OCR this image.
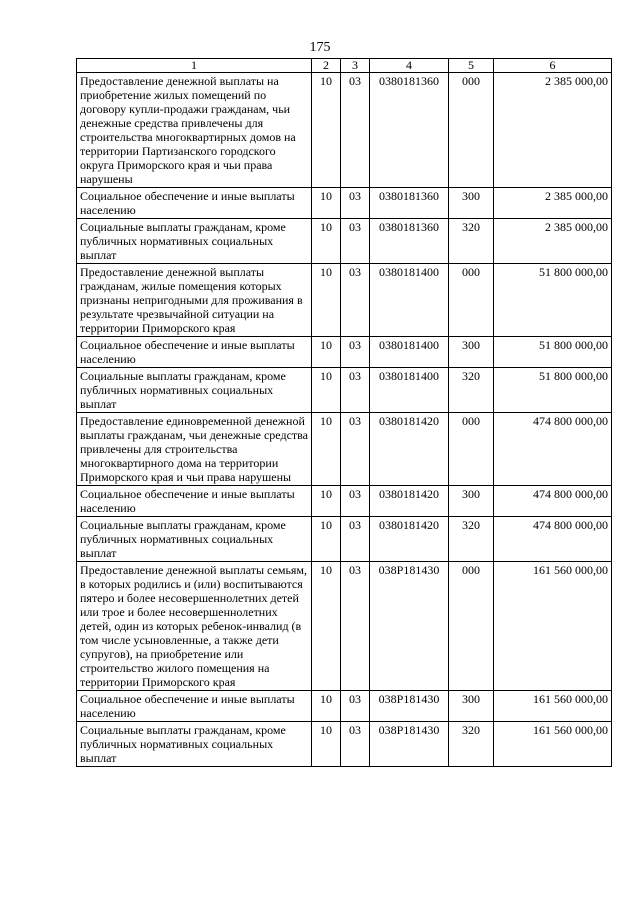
175
1	2	3	4	5	6
Предоставление денежной выплаты на приобретение жилых помещений по договору купли-продажи гражданам, чьи денежные средства привлечены для строительства многоквартирных домов на территории Партизанского городского округа Приморского края и чьи права нарушены	10	03	0380181360	000	2 385 000,00
Социальное обеспечение и иные выплаты населению	10	03	0380181360	300	2 385 000,00
Социальные выплаты гражданам, кроме публичных нормативных социальных выплат	10	03	0380181360	320	2 385 000,00
Предоставление денежной выплаты гражданам, жилые помещения которых признаны непригодными для проживания в результате чрезвычайной ситуации на территории Приморского края	10	03	0380181400	000	51 800 000,00
Социальное обеспечение и иные выплаты населению	10	03	0380181400	300	51 800 000,00
Социальные выплаты гражданам, кроме публичных нормативных социальных выплат	10	03	0380181400	320	51 800 000,00
Предоставление единовременной денежной выплаты гражданам, чьи денежные средства привлечены для строительства многоквартирного дома на территории Приморского края и чьи права нарушены	10	03	0380181420	000	474 800 000,00
Социальное обеспечение и иные выплаты населению	10	03	0380181420	300	474 800 000,00
Социальные выплаты гражданам, кроме публичных нормативных социальных выплат	10	03	0380181420	320	474 800 000,00
Предоставление денежной выплаты семьям, в которых родились и (или) воспитываются пятеро и более несовершеннолетних детей или трое и более несовершеннолетних детей, один из которых ребенок-инвалид (в том числе усыновленные, а также дети супругов), на приобретение или строительство жилого помещения на территории Приморского края	10	03	038P181430	000	161 560 000,00
Социальное обеспечение и иные выплаты населению	10	03	038P181430	300	161 560 000,00
Социальные выплаты гражданам, кроме публичных нормативных социальных выплат	10	03	038P181430	320	161 560 000,00
